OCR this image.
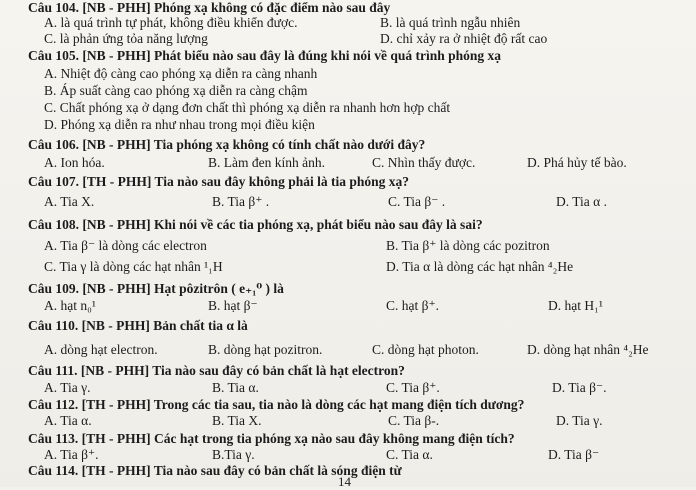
Câu 104. [NB - PHH] Phóng xạ không có đặc điểm nào sau đây
A. là quá trình tự phát, không điều khiển được.	B. là quá trình ngẫu nhiên
C. là phản ứng tỏa năng lượng	D. chỉ xảy ra ở nhiệt độ rất cao
Câu 105. [NB - PHH] Phát biểu nào sau đây là đúng khi nói về quá trình phóng xạ
A. Nhiệt độ càng cao phóng xạ diễn ra càng nhanh
B. Áp suất càng cao phóng xạ diễn ra càng chậm
C. Chất phóng xạ ở dạng đơn chất thì phóng xạ diễn ra nhanh hơn hợp chất
D. Phóng xạ diễn ra như nhau trong mọi điều kiện
Câu 106. [NB - PHH] Tia phóng xạ không có tính chất nào dưới đây?
A. Ion hóa.	B. Làm đen kính ảnh.	C. Nhìn thấy được.	D. Phá hủy tế bào.
Câu 107. [TH - PHH] Tia nào sau đây không phải là tia phóng xạ?
A. Tia X.	B. Tia β⁺ .	C. Tia β⁻ .	D. Tia α .
Câu 108. [NB - PHH] Khi nói về các tia phóng xạ, phát biểu nào sau đây là sai?
A. Tia β⁻ là dòng các electron	B. Tia β⁺ là dòng các pozitron
C. Tia γ là dòng các hạt nhân ¹₁H	D. Tia α là dòng các hạt nhân ⁴₂He
Câu 109. [NB - PHH] Hạt pôzitrôn ( e₊₁⁰ ) là
A. hạt n₀¹	B. hạt β⁻	C. hạt β⁺.	D. hạt H₁¹
Câu 110. [NB - PHH] Bản chất tia α là
A. dòng hạt electron.	B. dòng hạt pozitron.	C. dòng hạt photon.	D. dòng hạt nhân ⁴₂He
Câu 111. [NB - PHH] Tia nào sau đây có bản chất là hạt electron?
A. Tia γ.	B. Tia α.	C. Tia β⁺.	D. Tia β⁻.
Câu 112. [TH - PHH] Trong các tia sau, tia nào là dòng các hạt mang điện tích dương?
A. Tia α.	B. Tia X.	C. Tia β-.	D. Tia γ.
Câu 113. [TH - PHH] Các hạt trong tia phóng xạ nào sau đây không mang điện tích?
A. Tia β⁺.	B.Tia γ.	C. Tia α.	D. Tia β⁻
Câu 114. [TH - PHH] Tia nào sau đây có bản chất là sóng điện từ
14
